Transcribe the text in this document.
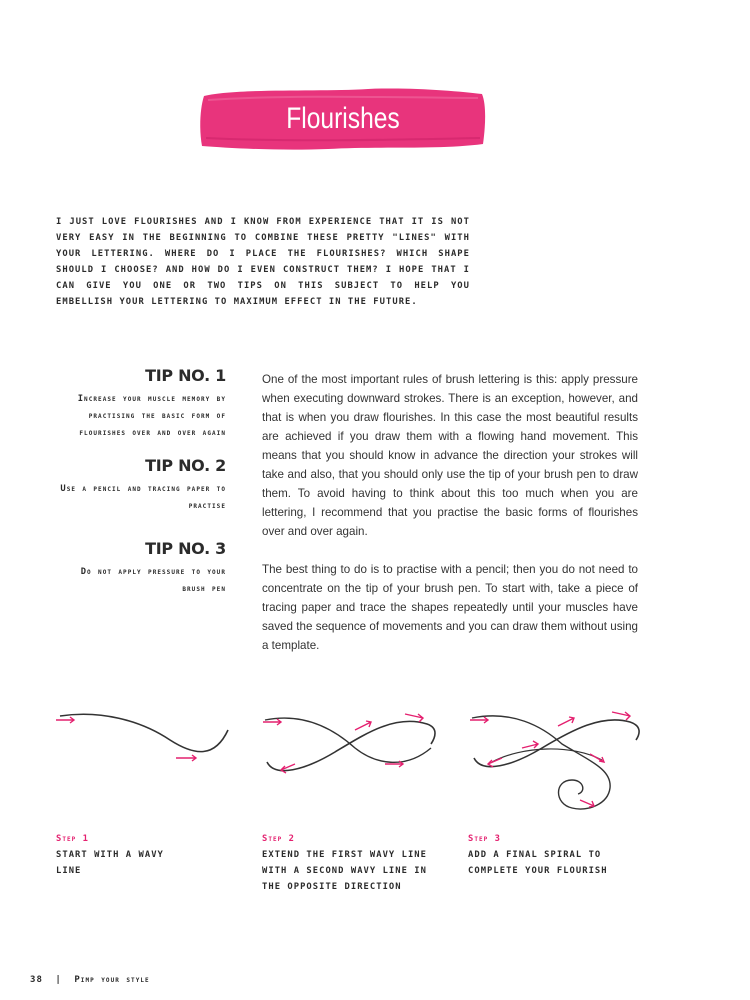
Flourishes
I JUST LOVE FLOURISHES AND I KNOW FROM EXPERIENCE THAT IT IS NOT VERY EASY IN THE BEGINNING TO COMBINE THESE PRETTY "LINES" WITH YOUR LETTERING. WHERE DO I PLACE THE FLOURISHES? WHICH SHAPE SHOULD I CHOOSE? AND HOW DO I EVEN CONSTRUCT THEM? I HOPE THAT I CAN GIVE YOU ONE OR TWO TIPS ON THIS SUBJECT TO HELP YOU EMBELLISH YOUR LETTERING TO MAXIMUM EFFECT IN THE FUTURE.
TIP NO. 1
Increase your muscle memory by practising the basic form of flourishes over and over again
TIP NO. 2
Use a pencil and tracing paper to practise
TIP NO. 3
Do not apply pressure to your brush pen

One of the most important rules of brush lettering is this: apply pressure when executing downward strokes. There is an exception, however, and that is when you draw flourishes. In this case the most beautiful results are achieved if you draw them with a flowing hand movement. This means that you should know in advance the direction your strokes will take and also, that you should only use the tip of your brush pen to draw them. To avoid having to think about this too much when you are lettering, I recommend that you practise the basic forms of flourishes over and over again.

The best thing to do is to practise with a pencil; then you do not need to concentrate on the tip of your brush pen. To start with, take a piece of tracing paper and trace the shapes repeatedly until your muscles have saved the sequence of movements and you can draw them without using a template.

Step 1
START WITH A WAVY LINE
Step 2
EXTEND THE FIRST WAVY LINE WITH A SECOND WAVY LINE IN THE OPPOSITE DIRECTION
Step 3
ADD A FINAL SPIRAL TO COMPLETE YOUR FLOURISH
38 | Pimp your style
